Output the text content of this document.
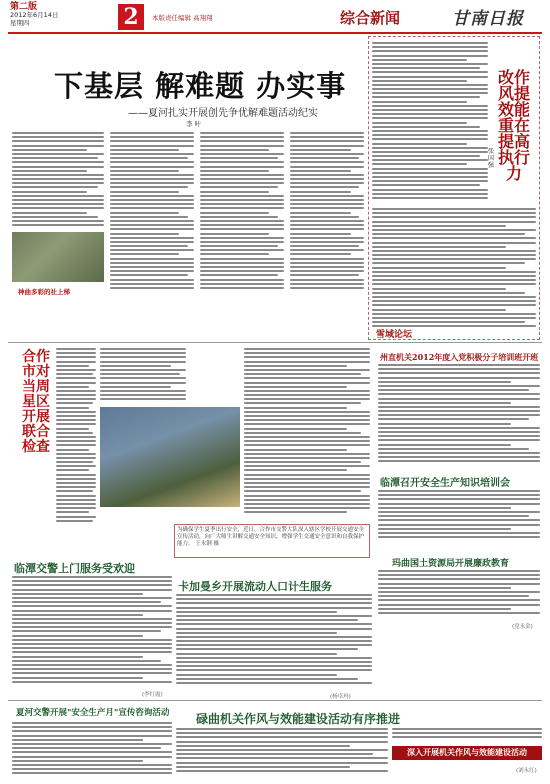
第二版
2012年6月14日
星期四	2	本版责任编辑 高翔翔	综合新闻	甘南日报
下基层 解难题 办实事
——夏河扎实开展创先争优解难题活动纪实
李 叶
神曲多彩的社上梯
改作风提效能重在提高执行力
张国强
雪域论坛
合作市对当周星区开展联合检查
州直机关2012年度入党积极分子培训班开班
临潭召开安全生产知识培训会
玛曲国土资源局开展廉政教育
(党永金)
为确保学生夏季出行安全，近日，合作市交警大队深入辖区学校开展交通安全宣传活动，向广大师生讲解交通安全知识，增强学生交通安全意识和自我保护能力。 王永钢 摄
临潭交警上门服务受欢迎
(李红霞)
卡加曼乡开展流动人口计生服务
(杨卓玛)
夏河交警开展"安全生产月"宣传咨询活动 碌曲机关作风与效能建设活动有序推进
深入开展机关作风与效能建设活动
(刘永红)
